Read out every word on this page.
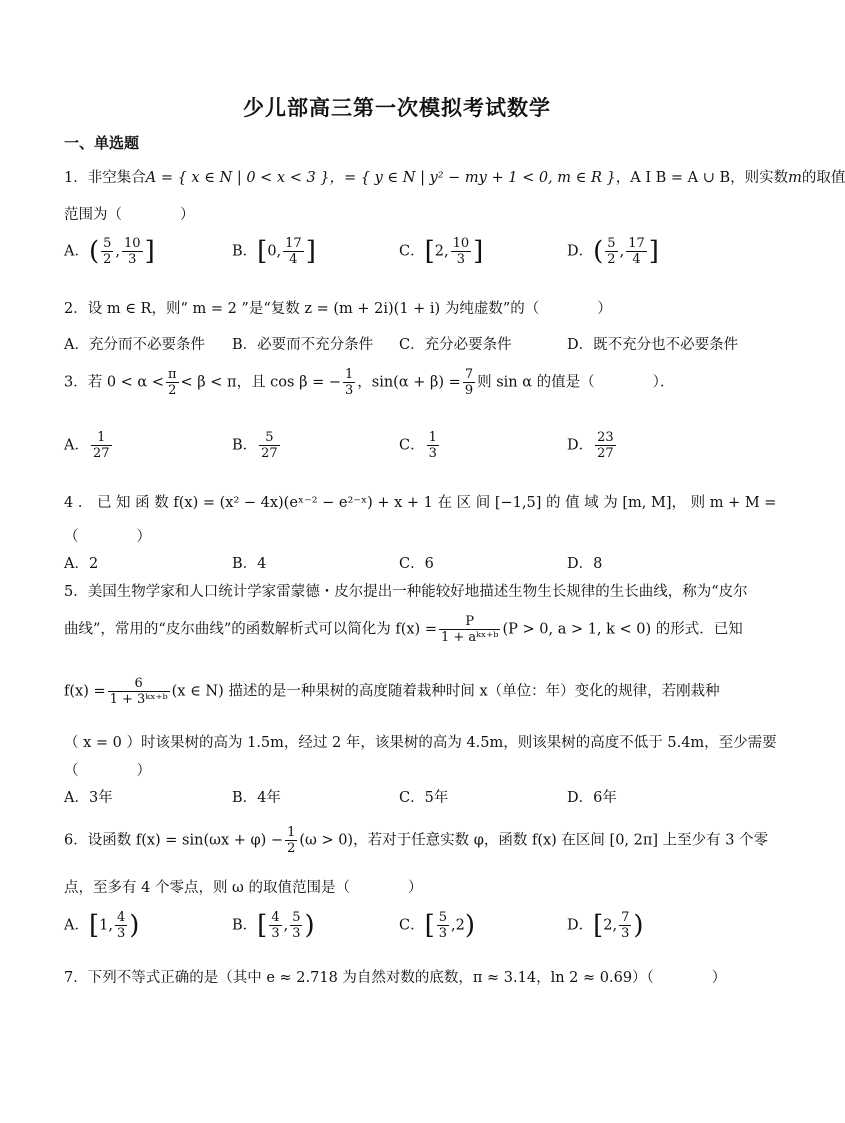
少儿部高三第一次模拟考试数学
一、单选题
1．非空集合A = { x ∈ N | 0 < x < 3 }，= { y ∈ N | y² − my + 1 < 0, m ∈ R }，A I B = A ∪ B，则实数m的取值
范围为（　　　　）
A．( $\frac{5}{2}$ , $\frac{10}{3}$ ]	B．[0, $\frac{17}{4}$ ]	C．[2, $\frac{10}{3}$ ]	D．( $\frac{5}{2}$ , $\frac{17}{4}$ ]
2．设 m ∈ R，则“ m = 2 ”是“复数 z = (m + 2i)(1 + i) 为纯虚数”的（　　　　）
A．充分而不必要条件 B．必要而不充分条件 C．充分必要条件	D．既不充分也不必要条件
3．若 $0 < \alpha < \frac{\pi}{2} < \beta < \pi$，且 cos β = − $\frac{1}{3}$ ，$\sin(\alpha + \beta) = \frac{7}{9}$ 则 sin α 的值是（　　　　）．
A． $\frac{1}{27}$	B． $\frac{5}{27}$	C． $\frac{1}{3}$	D． $\frac{23}{27}$
4 ． 已 知 函 数 f(x) = (x² − 4x)(eˣ⁻² − e²⁻ˣ) + x + 1 在 区 间 [−1,5] 的 值 域 为 [m, M]， 则 m + M =
（　　　　）
A．2	B．4	C．6	D．8
5．美国生物学家和人口统计学家雷蒙德・皮尔提出一种能较好地描述生物生长规律的生长曲线，称为“皮尔
曲线”，常用的“皮尔曲线”的函数解析式可以简化为 $f(x) = \frac{P}{\text{1 + aᵏˣ⁺ᵇ}} (P > 0$, a > 1, k < 0) 的形式．已知
$f(x) = \frac{6}{\text{1 + 3ᵏˣ⁺ᵇ}} (x$ ∈ N) 描述的是一种果树的高度随着栽种时间 x（单位：年）变化的规律，若刚栽种
（ x = 0 ）时该果树的高为 1.5m，经过 2 年，该果树的高为 4.5m，则该果树的高度不低于 5.4m，至少需要
（　　　　）
A．3年	B．4年	C．5年	D．6年
6．设函数 $f(x) = \sin(\omega x + \varphi) - \frac{1}{2} (\omega > 0)$，若对于任意实数 φ，函数 f(x) 在区间 [0, 2π] 上至少有 3 个零
点，至多有 4 个零点，则 ω 的取值范围是（　　　　）
A．[1, $\frac{4}{3}$ )	B．[ $\frac{4}{3}$ , $\frac{5}{3}$ )	C．[ $\frac{5}{3} ,2$)	D．[2, $\frac{7}{3}$ )
7．下列不等式正确的是（其中 e ≈ 2.718 为自然对数的底数，π ≈ 3.14，ln 2 ≈ 0.69）（　　　　）
